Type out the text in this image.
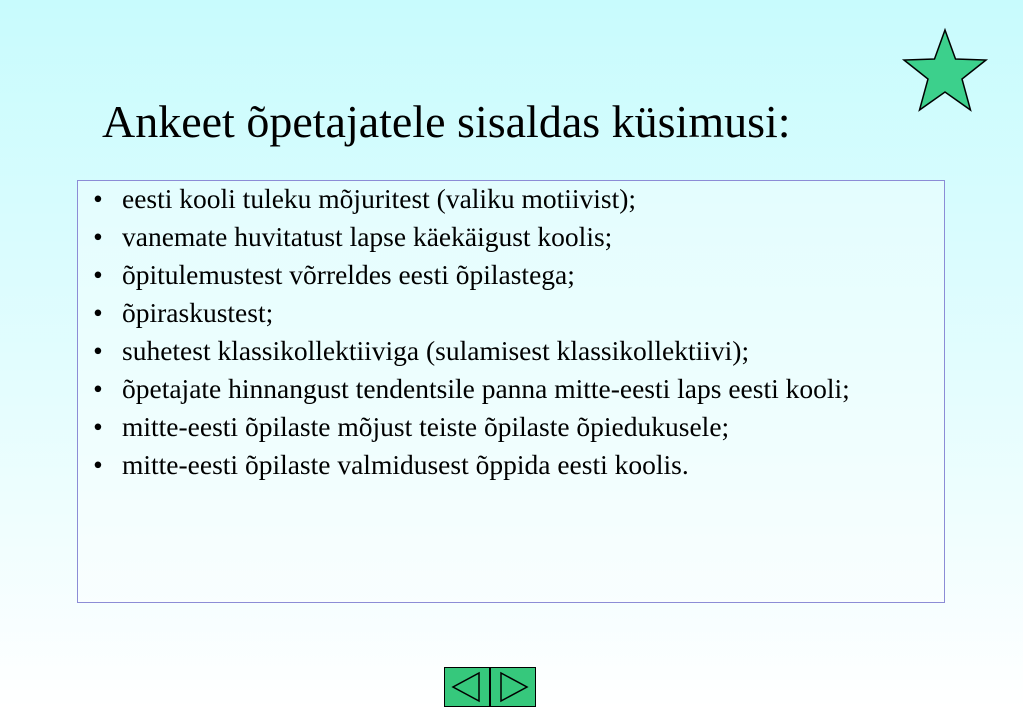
Ankeet õpetajatele sisaldas küsimusi:
• eesti kooli tuleku mõjuritest (valiku motiivist);
• vanemate huvitatust lapse käekäigust koolis;
• õpitulemustest võrreldes eesti õpilastega;
• õpiraskustest;
• suhetest klassikollektiiviga (sulamisest klassikollektiivi);
• õpetajate hinnangust tendentsile panna mitte-eesti laps eesti kooli;
• mitte-eesti õpilaste mõjust teiste õpilaste õpiedukusele;
• mitte-eesti õpilaste valmidusest õppida eesti koolis.
